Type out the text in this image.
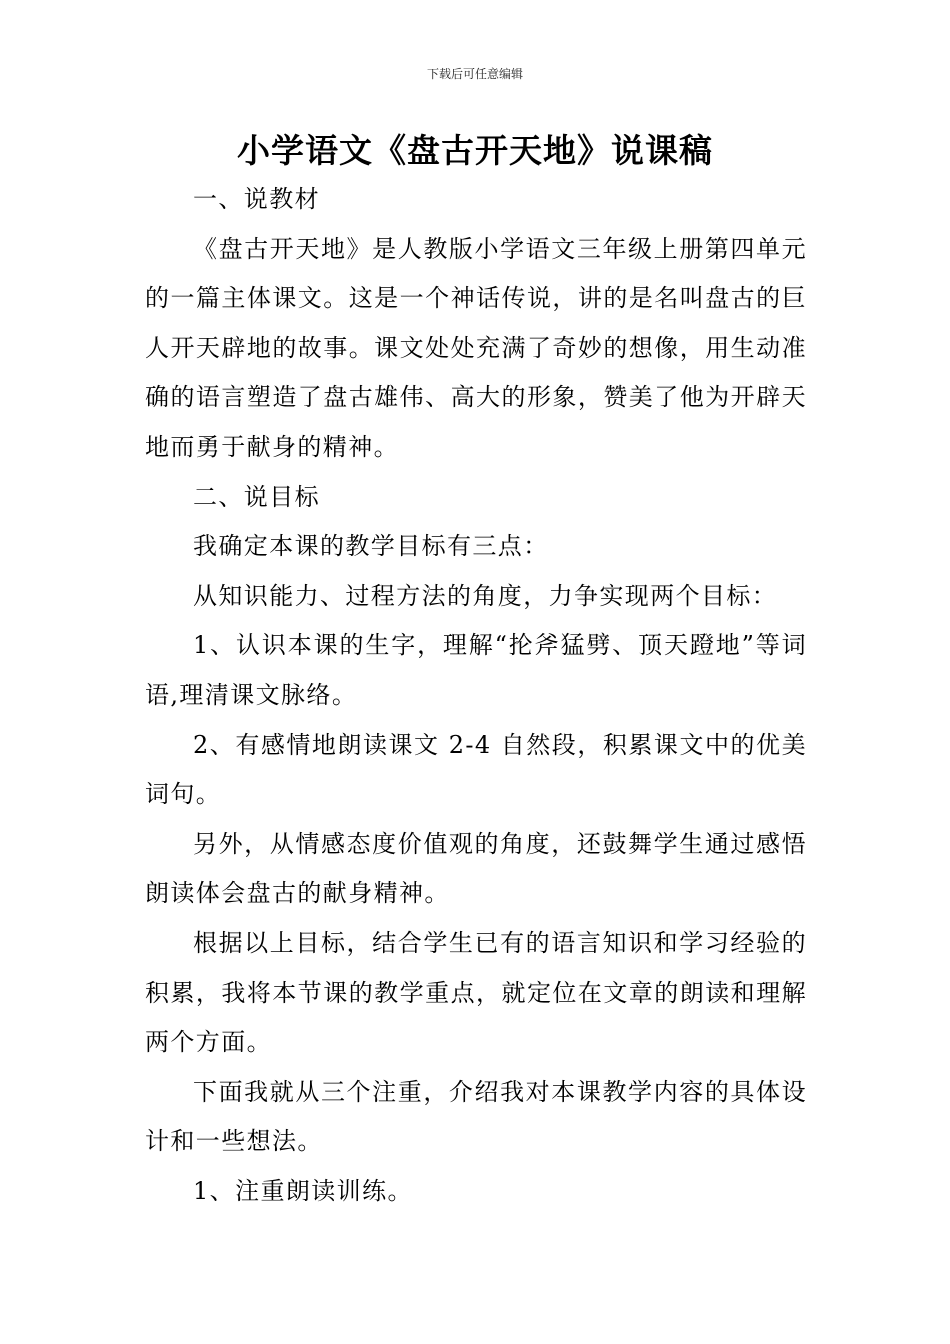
下载后可任意编辑
小学语文《盘古开天地》说课稿

一、说教材

《盘古开天地》是人教版小学语文三年级上册第四单元的一篇主体课文。这是一个神话传说，讲的是名叫盘古的巨人开天辟地的故事。课文处处充满了奇妙的想像，用生动准确的语言塑造了盘古雄伟、高大的形象，赞美了他为开辟天地而勇于献身的精神。

二、说目标

我确定本课的教学目标有三点：

从知识能力、过程方法的角度，力争实现两个目标：

1、认识本课的生字，理解“抡斧猛劈、顶天蹬地”等词语,理清课文脉络。

2、有感情地朗读课文 2-4 自然段，积累课文中的优美词句。

另外，从情感态度价值观的角度，还鼓舞学生通过感悟朗读体会盘古的献身精神。

根据以上目标，结合学生已有的语言知识和学习经验的积累，我将本节课的教学重点，就定位在文章的朗读和理解两个方面。

下面我就从三个注重，介绍我对本课教学内容的具体设计和一些想法。

1、注重朗读训练。
